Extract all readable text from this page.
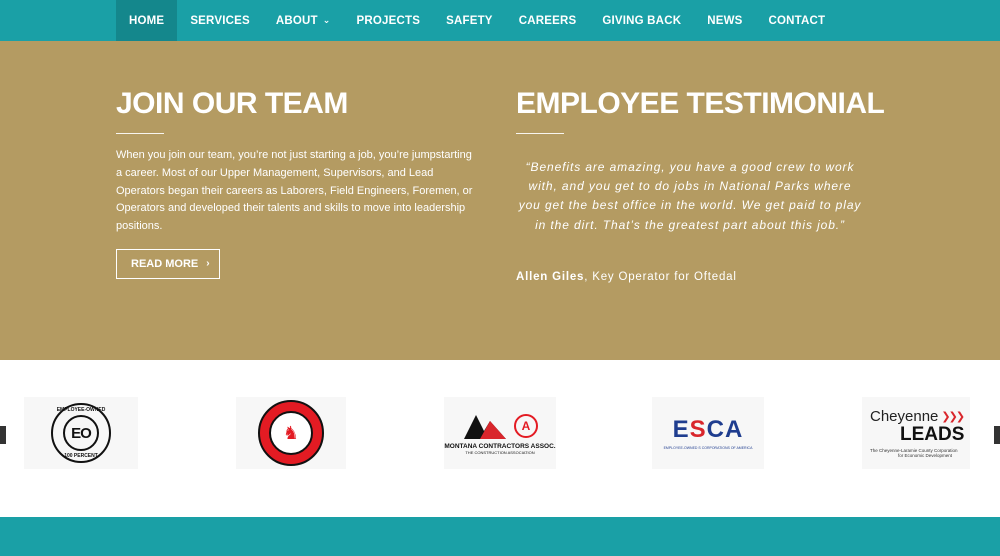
HOME SERVICES ABOUT ⌄ PROJECTS SAFETY CAREERS GIVING BACK NEWS CONTACT
JOIN OUR TEAM

When you join our team, you’re not just starting a job, you’re jumpstarting a career. Most of our Upper Management, Supervisors, and Lead Operators began their careers as Laborers, Field Engineers, Foremen, or Operators and developed their talents and skills to move into leadership positions.

READ MORE ›
EMPLOYEE TESTIMONIAL

“Benefits are amazing, you have a good crew to work with, and you get to do jobs in National Parks where you get the best office in the world. We get paid to play in the dirt. That’s the greatest part about this job.”

Allen Giles, Key Operator for Oftedal

EMPLOYEE-OWNED
EO
100 PERCENT
♞	A
MONTANA CONTRACTORS ASSOC.
THE CONSTRUCTION ASSOCIATION
ESCA
EMPLOYEE-OWNED S CORPORATIONS OF AMERICA
Cheyenne ❯❯❯
LEADS
The Cheyenne-Laramie County Corporation
for Economic Development
